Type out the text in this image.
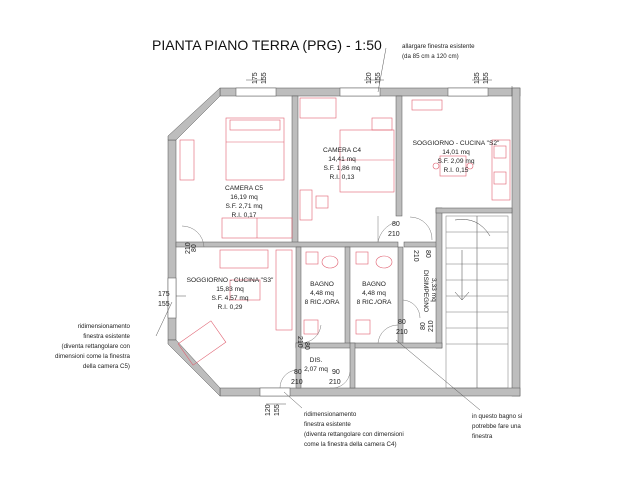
PIANTA PIANO TERRA (PRG) - 1:50	allargare finestra esistente
(da 85 cm a 120 cm)
ridimensionamento
finestra esistente
(diventa rettangolare con
dimensioni come la finestra
della camera C5)
ridimensionamento
finestra esistente
(diventa rettangolare con dimensioni
come la finestra della camera C4)
in questo bagno si
potrebbe fare una
finestra
CAMERA C5
16,19 mq
S.F. 2,71 mq
R.I. 0,17
CAMERA C4
14,41 mq
S.F. 1,86 mq
R.I. 0,13
SOGGIORNO - CUCINA "S2"
14,01 mq
S.F. 2,09 mq
R.I. 0,15
SOGGIORNO - CUCINA "S3"
15,83 mq
S.F. 4,57 mq
R.I. 0,29
BAGNO
4,48 mq
8 RIC./ORA
BAGNO
4,48 mq
8 RIC./ORA	DISIMPEGNO 3,33 mq
DIS.
2,07 mq
175 155	120 155	135 155
175
155
120 155
80
210
80
210
210 80
80
210
80
210
80 210
80
210
90
210
